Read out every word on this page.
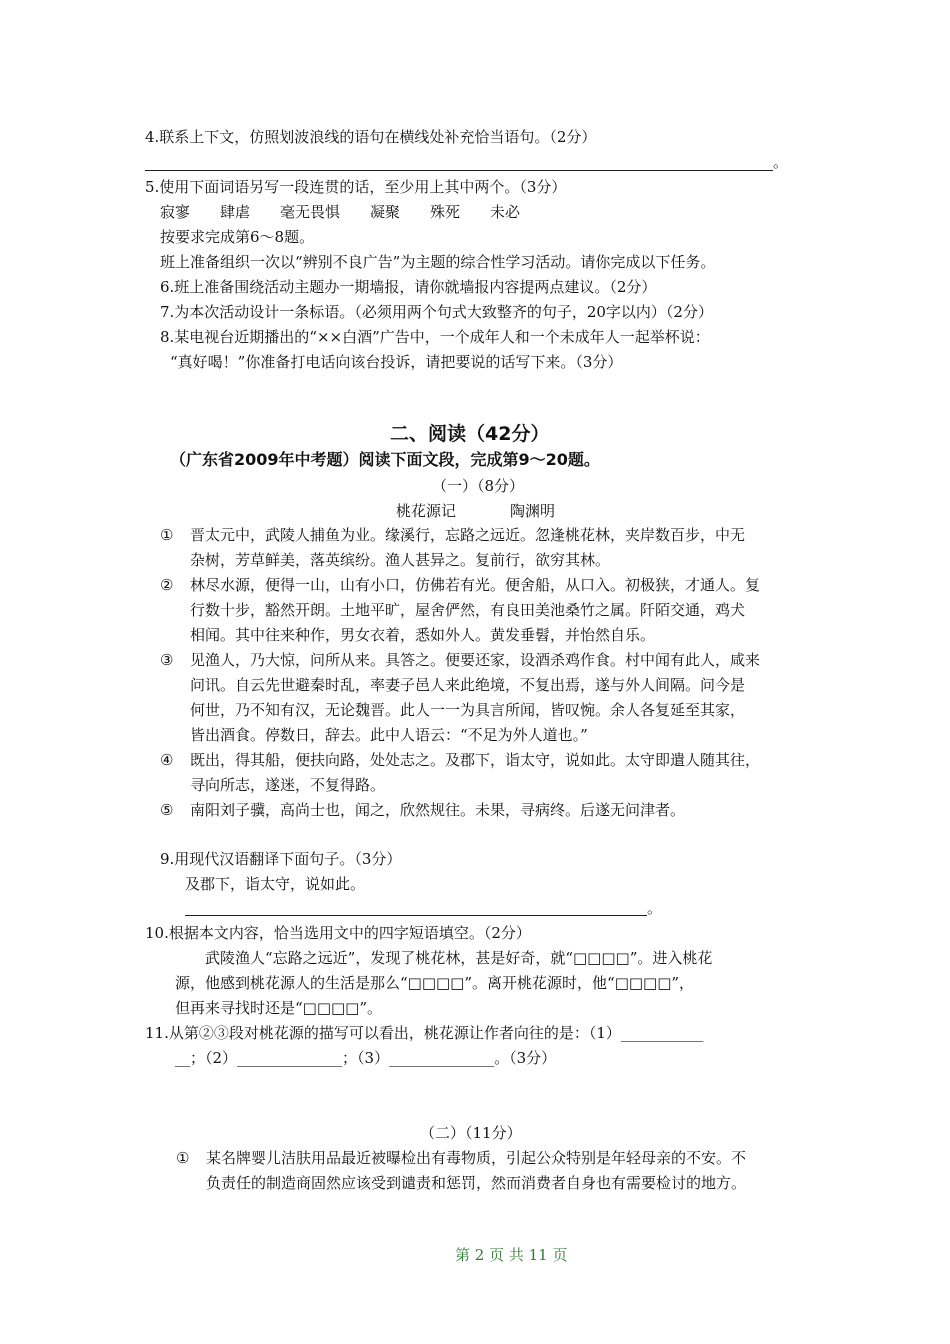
4.联系上下文，仿照划波浪线的语句在横线处补充恰当语句。（2分）
。
5.使用下面词语另写一段连贯的话，至少用上其中两个。（3分）
寂寥　　肆虐　　毫无畏惧　　凝聚　　殊死　　未必
按要求完成第6～8题。
班上准备组织一次以“辨别不良广告”为主题的综合性学习活动。请你完成以下任务。
6.班上准备围绕活动主题办一期墙报，请你就墙报内容提两点建议。（2分）
7.为本次活动设计一条标语。（必须用两个句式大致整齐的句子，20字以内）（2分）
8.某电视台近期播出的“××白酒”广告中，一个成年人和一个未成年人一起举杯说：
“真好喝！”你准备打电话向该台投诉，请把要说的话写下来。（3分）
二、阅读（42分）
（广东省2009年中考题）阅读下面文段，完成第9～20题。
（一）（8分）
桃花源记	陶渊明
① 晋太元中，武陵人捕鱼为业。缘溪行，忘路之远近。忽逢桃花林，夹岸数百步，中无
杂树，芳草鲜美，落英缤纷。渔人甚异之。复前行，欲穷其林。
② 林尽水源，便得一山，山有小口，仿佛若有光。便舍船，从口入。初极狭，才通人。复
行数十步，豁然开朗。土地平旷，屋舍俨然，有良田美池桑竹之属。阡陌交通，鸡犬
相闻。其中往来种作，男女衣着，悉如外人。黄发垂髫，并怡然自乐。
③ 见渔人，乃大惊，问所从来。具答之。便要还家，设酒杀鸡作食。村中闻有此人，咸来
问讯。自云先世避秦时乱，率妻子邑人来此绝境，不复出焉，遂与外人间隔。问今是
何世，乃不知有汉，无论魏晋。此人一一为具言所闻，皆叹惋。余人各复延至其家，
皆出酒食。停数日，辞去。此中人语云：“不足为外人道也。”
④ 既出，得其船，便扶向路，处处志之。及郡下，诣太守，说如此。太守即遣人随其往，
寻向所志，遂迷，不复得路。
⑤ 南阳刘子骥，高尚士也，闻之，欣然规往。未果，寻病终。后遂无问津者。
9.用现代汉语翻译下面句子。（3分）
及郡下，诣太守，说如此。
。
10.根据本文内容，恰当选用文中的四字短语填空。（2分）
武陵渔人“忘路之远近”，发现了桃花林，甚是好奇，就“□□□□”。进入桃花
源，他感到桃花源人的生活是那么“□□□□”。离开桃花源时，他“□□□□”，
但再来寻找时还是“□□□□”。
11.从第②③段对桃花源的描写可以看出，桃花源让作者向往的是：（1）___________
__；（2）______________；（3）______________。（3分）
（二）（11分）
① 某名牌婴儿洁肤用品最近被曝检出有毒物质，引起公众特别是年轻母亲的不安。不
负责任的制造商固然应该受到谴责和惩罚，然而消费者自身也有需要检讨的地方。
第 2 页 共 11 页
